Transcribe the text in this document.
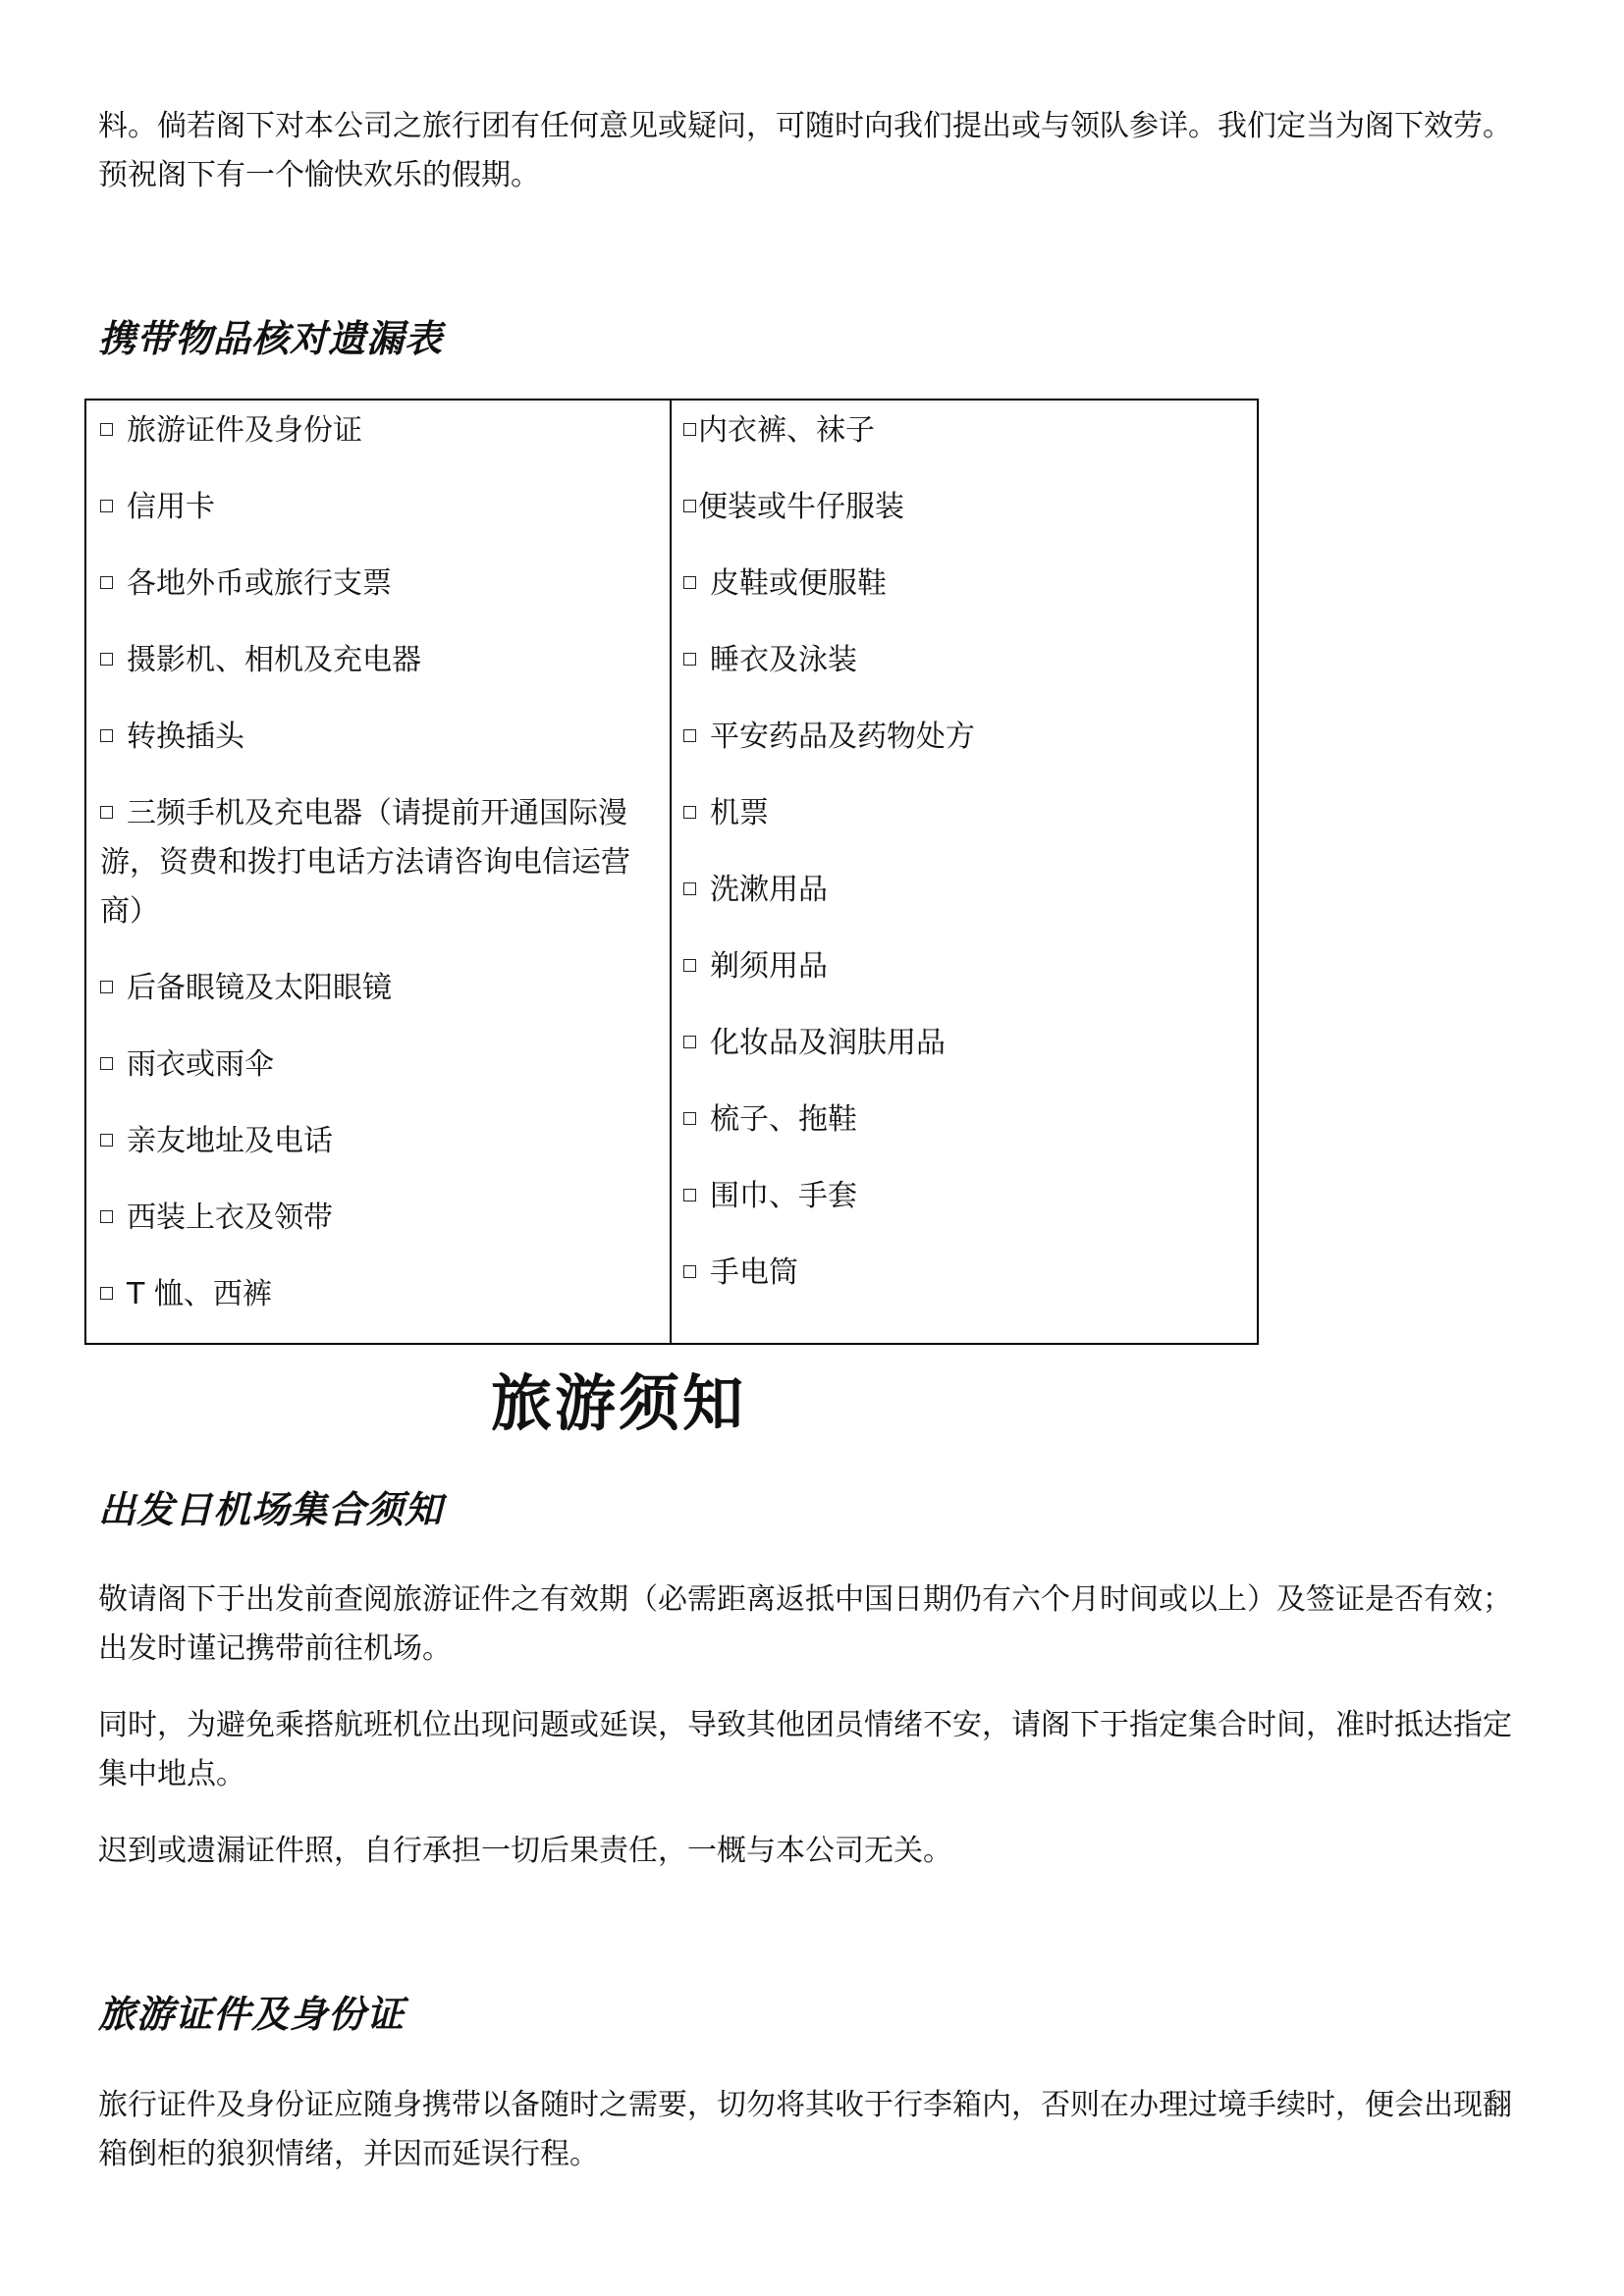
料。倘若阁下对本公司之旅行团有任何意见或疑问，可随时向我们提出或与领队参详。我们定当为阁下效劳。预祝阁下有一个愉快欢乐的假期。

携带物品核对遗漏表
旅游证件及身份证
信用卡
各地外币或旅行支票
摄影机、相机及充电器
转换插头
三频手机及充电器（请提前开通国际漫游，资费和拨打电话方法请咨询电信运营商）
后备眼镜及太阳眼镜
雨衣或雨伞
亲友地址及电话
西装上衣及领带
T 恤、西裤
内衣裤、袜子
便装或牛仔服装
皮鞋或便服鞋
睡衣及泳装
平安药品及药物处方
机票
洗漱用品
剃须用品
化妆品及润肤用品
梳子、拖鞋
围巾、手套
手电筒
旅游须知
出发日机场集合须知

敬请阁下于出发前查阅旅游证件之有效期（必需距离返抵中国日期仍有六个月时间或以上）及签证是否有效；出发时谨记携带前往机场。

同时，为避免乘搭航班机位出现问题或延误，导致其他团员情绪不安，请阁下于指定集合时间，准时抵达指定集中地点。

迟到或遗漏证件照，自行承担一切后果责任，一概与本公司无关。

旅游证件及身份证

旅行证件及身份证应随身携带以备随时之需要，切勿将其收于行李箱内，否则在办理过境手续时，便会出现翻箱倒柜的狼狈情绪，并因而延误行程。
